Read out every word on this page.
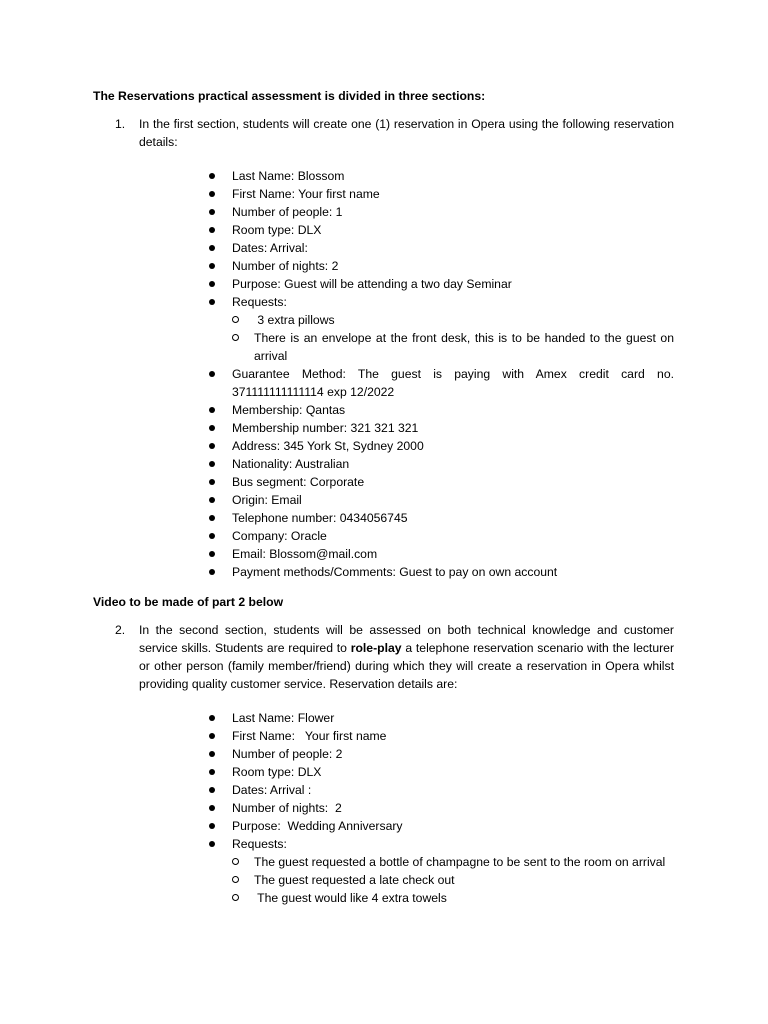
The Reservations practical assessment is divided in three sections:
1. In the first section, students will create one (1) reservation in Opera using the following reservation details:
Last Name: Blossom
First Name: Your first name
Number of people: 1
Room type: DLX
Dates: Arrival:
Number of nights: 2
Purpose: Guest will be attending a two day Seminar
Requests:
3 extra pillows
There is an envelope at the front desk, this is to be handed to the guest on arrival
Guarantee Method: The guest is paying with Amex credit card no. 371111111111114 exp 12/2022
Membership: Qantas
Membership number: 321 321 321
Address: 345 York St, Sydney 2000
Nationality: Australian
Bus segment: Corporate
Origin: Email
Telephone number: 0434056745
Company: Oracle
Email: Blossom@mail.com
Payment methods/Comments: Guest to pay on own account
Video to be made of part 2 below
2. In the second section, students will be assessed on both technical knowledge and customer service skills. Students are required to role-play a telephone reservation scenario with the lecturer or other person (family member/friend) during which they will create a reservation in Opera whilst providing quality customer service. Reservation details are:
Last Name: Flower
First Name:   Your first name
Number of people: 2
Room type: DLX
Dates: Arrival :
Number of nights:  2
Purpose:  Wedding Anniversary
Requests:
The guest requested a bottle of champagne to be sent to the room on arrival
The guest requested a late check out
The guest would like 4 extra towels
